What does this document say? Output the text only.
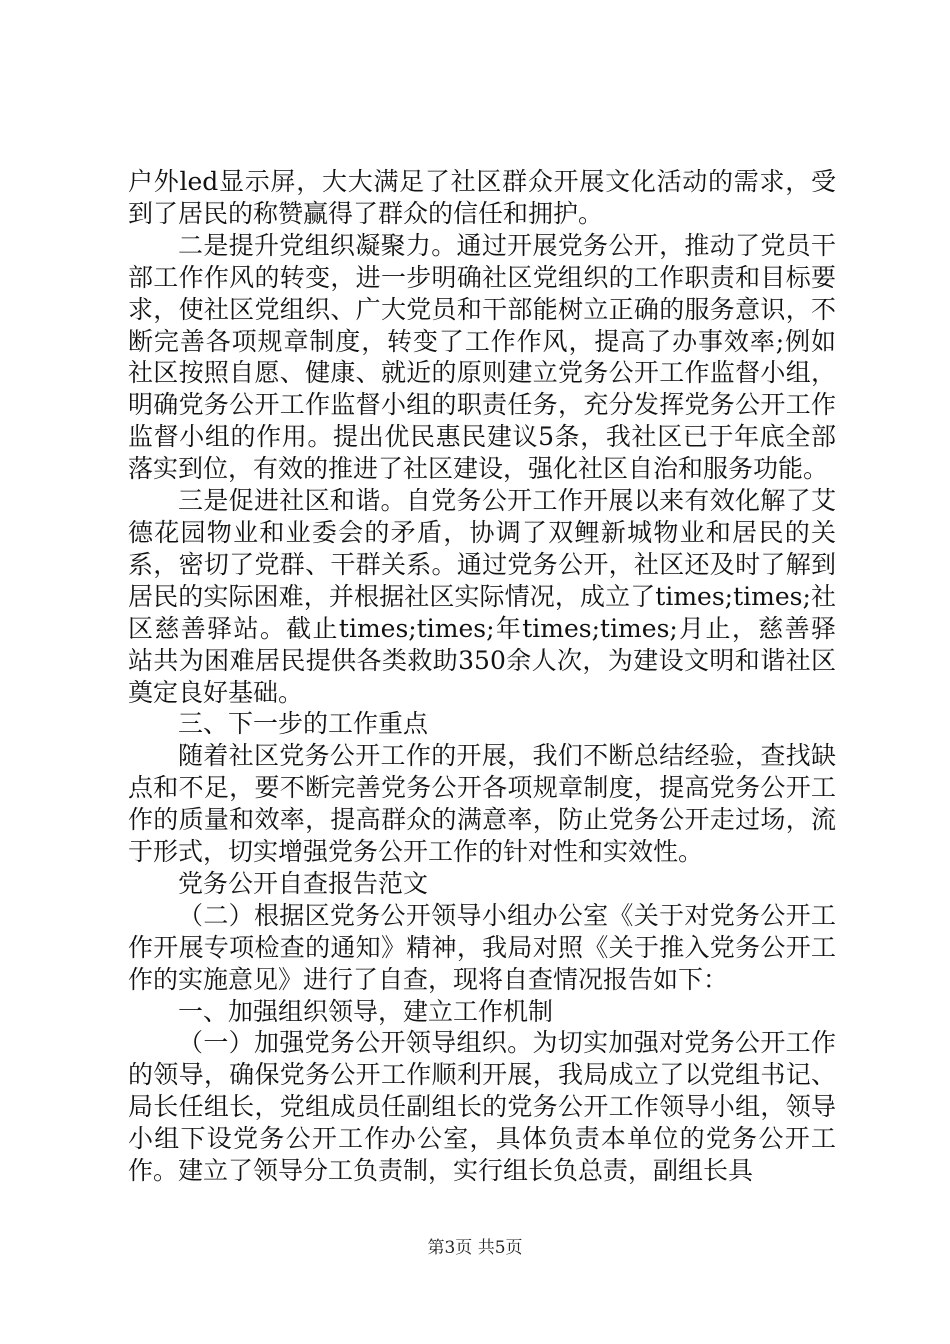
户外led显示屏，大大满足了社区群众开展文化活动的需求，受到了居民的称赞赢得了群众的信任和拥护。

二是提升党组织凝聚力。通过开展党务公开，推动了党员干部工作作风的转变，进一步明确社区党组织的工作职责和目标要求，使社区党组织、广大党员和干部能树立正确的服务意识，不断完善各项规章制度，转变了工作作风，提高了办事效率;例如社区按照自愿、健康、就近的原则建立党务公开工作监督小组，明确党务公开工作监督小组的职责任务，充分发挥党务公开工作监督小组的作用。提出优民惠民建议5条，我社区已于年底全部落实到位，有效的推进了社区建设，强化社区自治和服务功能。

三是促进社区和谐。自党务公开工作开展以来有效化解了艾德花园物业和业委会的矛盾，协调了双鲤新城物业和居民的关系，密切了党群、干群关系。通过党务公开，社区还及时了解到居民的实际困难，并根据社区实际情况，成立了times;times;社区慈善驿站。截止times;times;年times;times;月止，慈善驿站共为困难居民提供各类救助350余人次，为建设文明和谐社区奠定良好基础。

三、下一步的工作重点

随着社区党务公开工作的开展，我们不断总结经验，查找缺点和不足，要不断完善党务公开各项规章制度，提高党务公开工作的质量和效率，提高群众的满意率，防止党务公开走过场，流于形式，切实增强党务公开工作的针对性和实效性。

党务公开自查报告范文

（二）根据区党务公开领导小组办公室《关于对党务公开工作开展专项检查的通知》精神，我局对照《关于推入党务公开工作的实施意见》进行了自查，现将自查情况报告如下：

一、加强组织领导，建立工作机制

（一）加强党务公开领导组织。为切实加强对党务公开工作的领导，确保党务公开工作顺利开展，我局成立了以党组书记、局长任组长，党组成员任副组长的党务公开工作领导小组，领导小组下设党务公开工作办公室，具体负责本单位的党务公开工作。建立了领导分工负责制，实行组长负总责，副组长具

第3页 共5页
